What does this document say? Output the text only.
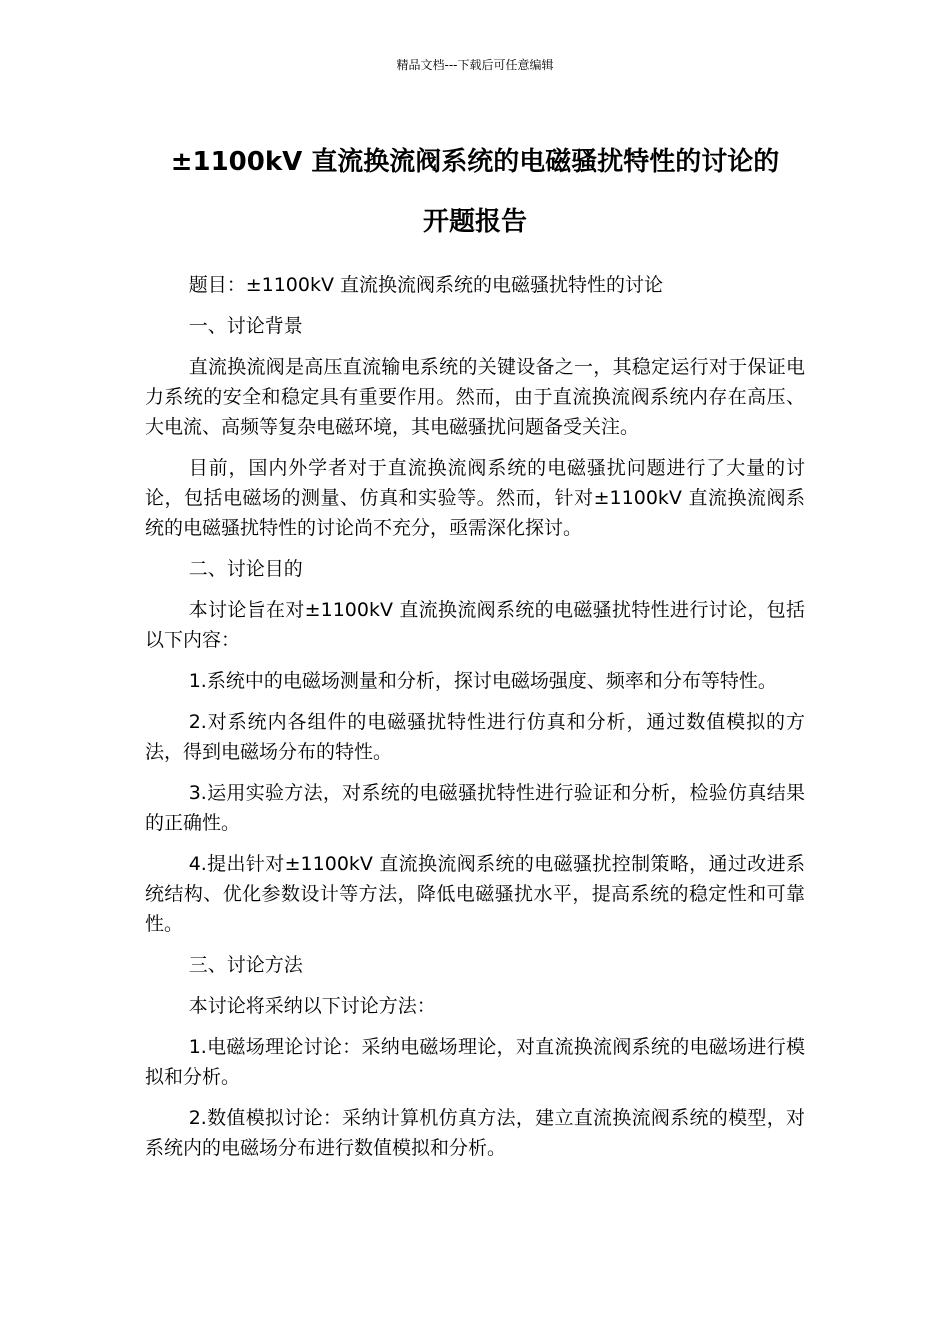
精品文档---下载后可任意编辑
±1100kV 直流换流阀系统的电磁骚扰特性的讨论的
开题报告

题目：±1100kV 直流换流阀系统的电磁骚扰特性的讨论

一、讨论背景

直流换流阀是高压直流输电系统的关键设备之一，其稳定运行对于保证电力系统的安全和稳定具有重要作用。然而，由于直流换流阀系统内存在高压、大电流、高频等复杂电磁环境，其电磁骚扰问题备受关注。

目前，国内外学者对于直流换流阀系统的电磁骚扰问题进行了大量的讨论，包括电磁场的测量、仿真和实验等。然而，针对±1100kV 直流换流阀系统的电磁骚扰特性的讨论尚不充分，亟需深化探讨。

二、讨论目的

本讨论旨在对±1100kV 直流换流阀系统的电磁骚扰特性进行讨论，包括以下内容：

1.系统中的电磁场测量和分析，探讨电磁场强度、频率和分布等特性。

2.对系统内各组件的电磁骚扰特性进行仿真和分析，通过数值模拟的方法，得到电磁场分布的特性。

3.运用实验方法，对系统的电磁骚扰特性进行验证和分析，检验仿真结果的正确性。

4.提出针对±1100kV 直流换流阀系统的电磁骚扰控制策略，通过改进系统结构、优化参数设计等方法，降低电磁骚扰水平，提高系统的稳定性和可靠性。

三、讨论方法

本讨论将采纳以下讨论方法：

1.电磁场理论讨论：采纳电磁场理论，对直流换流阀系统的电磁场进行模拟和分析。

2.数值模拟讨论：采纳计算机仿真方法，建立直流换流阀系统的模型，对系统内的电磁场分布进行数值模拟和分析。
